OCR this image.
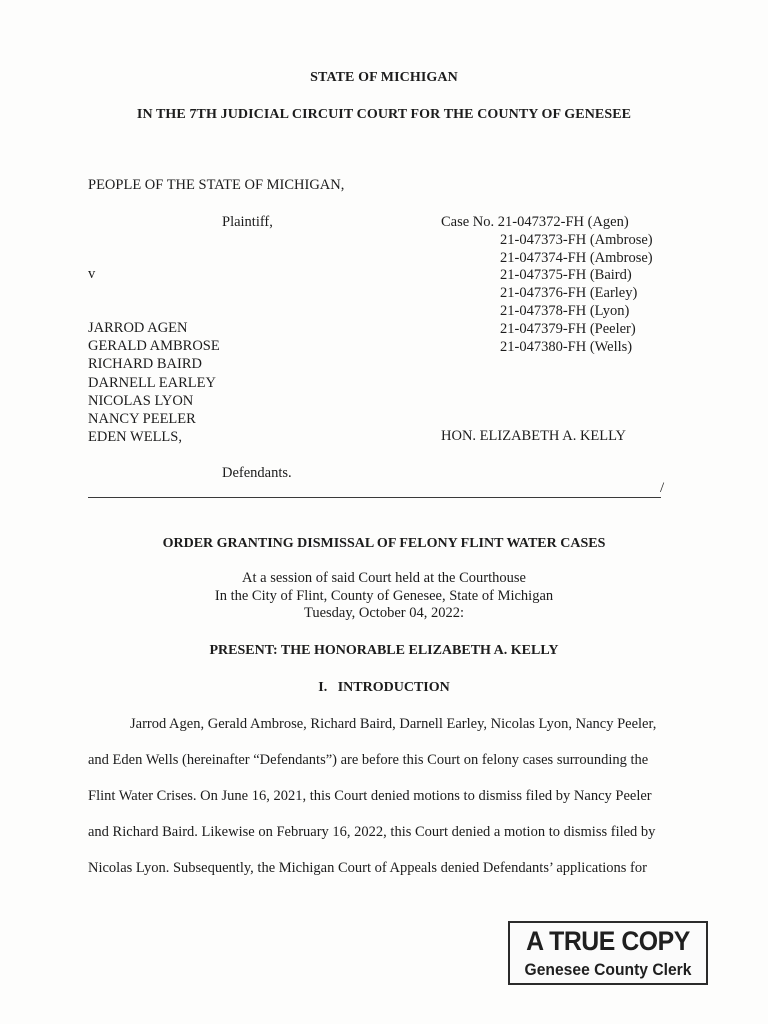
STATE OF MICHIGAN
IN THE 7TH JUDICIAL CIRCUIT COURT FOR THE COUNTY OF GENESEE
PEOPLE OF THE STATE OF MICHIGAN,
Plaintiff,
v
Case No. 21-047372-FH (Agen)
21-047373-FH (Ambrose)
21-047374-FH (Ambrose)
21-047375-FH (Baird)
21-047376-FH (Earley)
21-047378-FH (Lyon)
21-047379-FH (Peeler)
21-047380-FH (Wells)
JARROD AGEN
GERALD AMBROSE
RICHARD BAIRD
DARNELL EARLEY
NICOLAS LYON
NANCY PEELER
EDEN WELLS,	HON. ELIZABETH A. KELLY
Defendants.
/
ORDER GRANTING DISMISSAL OF FELONY FLINT WATER CASES
At a session of said Court held at the Courthouse
In the City of Flint, County of Genesee, State of Michigan
Tuesday, October 04, 2022:
PRESENT: THE HONORABLE ELIZABETH A. KELLY
I.   INTRODUCTION
Jarrod Agen, Gerald Ambrose, Richard Baird, Darnell Earley, Nicolas Lyon, Nancy Peeler,
and Eden Wells (hereinafter “Defendants”) are before this Court on felony cases surrounding the
Flint Water Crises. On June 16, 2021, this Court denied motions to dismiss filed by Nancy Peeler
and Richard Baird. Likewise on February 16, 2022, this Court denied a motion to dismiss filed by
Nicolas Lyon. Subsequently, the Michigan Court of Appeals denied Defendants’ applications for
A TRUE COPY
Genesee County Clerk
